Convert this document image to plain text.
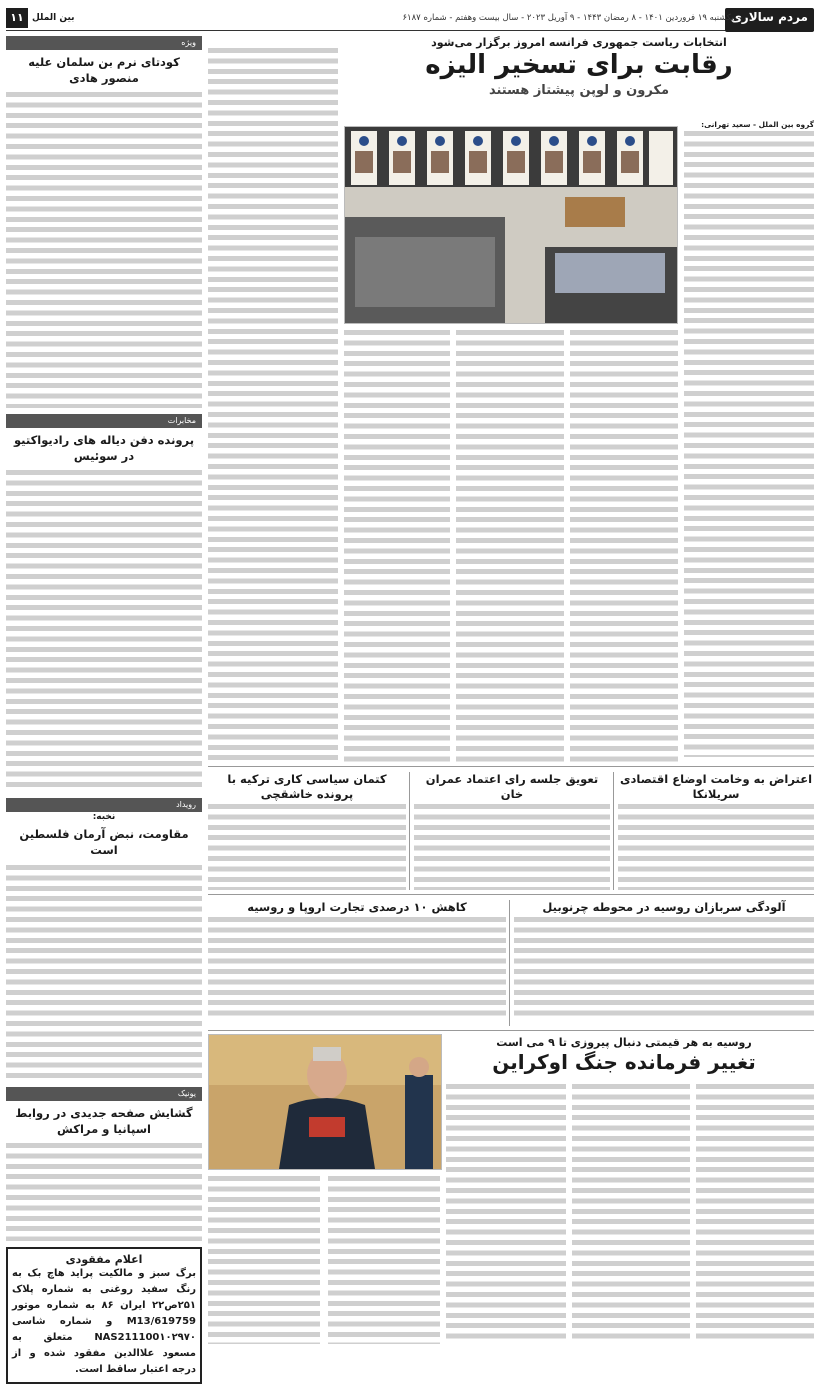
مردم سالاری
یکشنبه ۱۹ فروردین ۱۴۰۱ - ۸ رمضان ۱۴۴۳ - ۹ آوریل ۲۰۲۳ - سال بیست وهفتم - شماره ۶۱۸۷
بین الملل
۱۱
ویژه
کودتای نرم بن سلمان علیه منصور هادی
مخابرات
پرونده دفن دیاله های رادیواکتیو در سوئیس
رویداد
نخبه:
مقاومت، نبض آرمان فلسطین است
یونیک
گشایش صفحه جدیدی در روابط اسپانیا و مراکش
اعلام مفقودی
برگ سبز و مالکیت پراید هاچ بک به رنگ سفید روغنی به شماره پلاک ۲۵۱ص۲۲ ایران ۸۶ به شماره موتور M13/619759 و شماره شاسی NAS211100۱۰۲۹۷۰ متعلق به مسعود علاالدین مفقود شده و از درجه اعتبار ساقط است.
انتخابات ریاست جمهوری فرانسه امروز برگزار می‌شود
رقابت برای تسخیر الیزه
مکرون و لوپن پیشتاز هستند
گروه بین الملل - سعید تهرانی:
اعتراض به وخامت اوضاع اقتصادی سریلانکا
تعویق جلسه رای اعتماد عمران خان
کتمان سیاسی کاری ترکیه با پرونده خاشقچی
آلودگی سربازان روسیه در محوطه چرنوبیل
کاهش ۱۰ درصدی تجارت اروپا و روسیه
روسیه به هر قیمتی دنبال پیروزی تا ۹ می است
تغییر فرمانده جنگ اوکراین
